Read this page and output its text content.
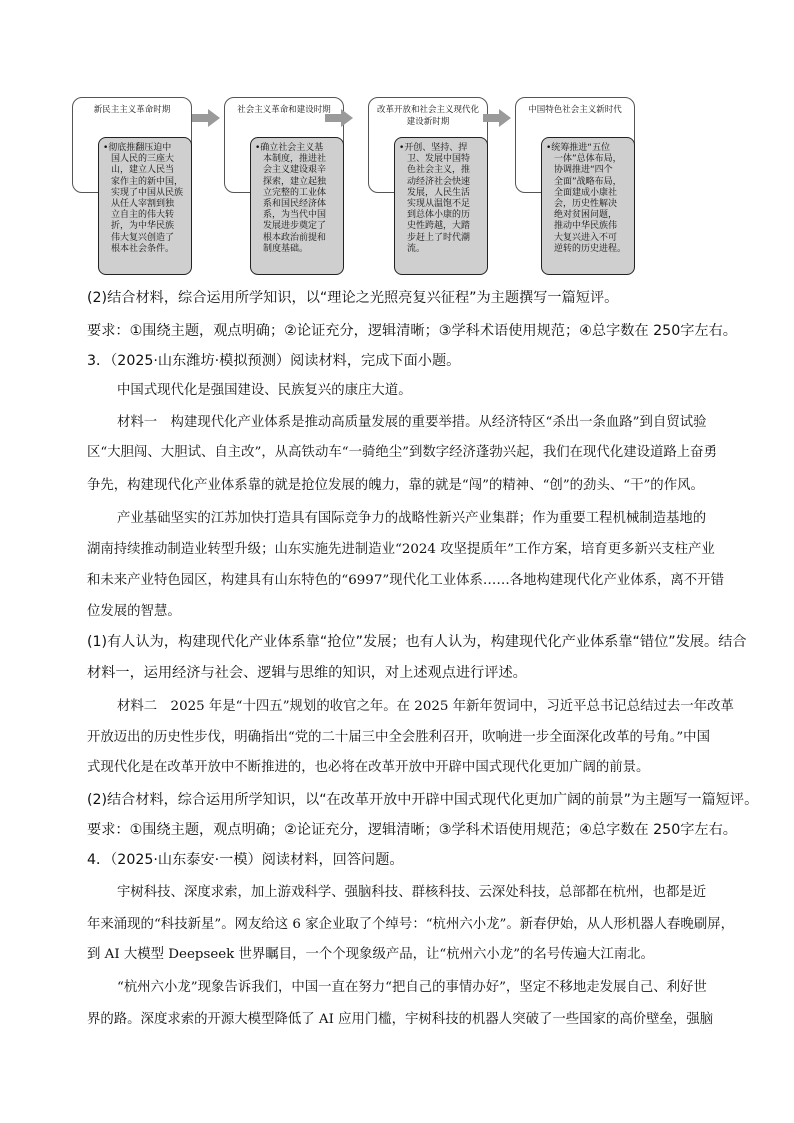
新民主主义革命时期

•彻底推翻压迫中
国人民的三座大
山，建立人民当
家作主的新中国，
实现了中国从民族
从任人宰割到独
立自主的伟大转
折，为中华民族
伟大复兴创造了
根本社会条件。

社会主义革命和建设时期

•确立社会主义基
本制度，推进社
会主义建设艰辛
探索，建立起独
立完整的工业体
系和国民经济体
系，为当代中国
发展进步奠定了
根本政治前提和
制度基础。

改革开放和社会主义现代化建设新时期

•开创、坚持、捍
卫、发展中国特
色社会主义，推
动经济社会快速
发展，人民生活
实现从温饱不足
到总体小康的历
史性跨越，大踏
步赶上了时代潮
流。

中国特色社会主义新时代

•统筹推进“五位
一体”总体布局，
协调推进“四个
全面”战略布局，
全面建成小康社
会，历史性解决
绝对贫困问题，
推动中华民族伟
大复兴进入不可
逆转的历史进程。

(2)结合材料，综合运用所学知识，以“理论之光照亮复兴征程”为主题撰写一篇短评。
要求：①围绕主题，观点明确；②论证充分，逻辑清晰；③学科术语使用规范；④总字数在 250字左右。
3．（2025·山东潍坊·模拟预测）阅读材料，完成下面小题。
中国式现代化是强国建设、民族复兴的康庄大道。
材料一　构建现代化产业体系是推动高质量发展的重要举措。从经济特区“杀出一条血路”到自贸试验
区“大胆闯、大胆试、自主改”，从高铁动车“一骑绝尘”到数字经济蓬勃兴起，我们在现代化建设道路上奋勇
争先，构建现代化产业体系靠的就是抢位发展的魄力，靠的就是“闯”的精神、“创”的劲头、“干”的作风。
产业基础坚实的江苏加快打造具有国际竞争力的战略性新兴产业集群；作为重要工程机械制造基地的
湖南持续推动制造业转型升级；山东实施先进制造业“2024 攻坚提质年”工作方案，培育更多新兴支柱产业
和未来产业特色园区，构建具有山东特色的“6997”现代化工业体系……各地构建现代化产业体系，离不开错
位发展的智慧。
(1)有人认为，构建现代化产业体系靠“抢位”发展；也有人认为，构建现代化产业体系靠“错位”发展。结合
材料一，运用经济与社会、逻辑与思维的知识，对上述观点进行评述。
材料二　2025 年是“十四五”规划的收官之年。在 2025 年新年贺词中，习近平总书记总结过去一年改革
开放迈出的历史性步伐，明确指出“党的二十届三中全会胜利召开，吹响进一步全面深化改革的号角。”中国
式现代化是在改革开放中不断推进的，也必将在改革开放中开辟中国式现代化更加广阔的前景。
(2)结合材料，综合运用所学知识，以“在改革开放中开辟中国式现代化更加广阔的前景”为主题写一篇短评。
要求：①围绕主题，观点明确；②论证充分，逻辑清晰；③学科术语使用规范；④总字数在 250字左右。
4．（2025·山东泰安·一模）阅读材料，回答问题。
宇树科技、深度求索，加上游戏科学、强脑科技、群核科技、云深处科技，总部都在杭州，也都是近
年来涌现的“科技新星”。网友给这 6 家企业取了个绰号：“杭州六小龙”。新春伊始，从人形机器人春晚刷屏，
到 AI 大模型 Deepseek 世界瞩目，一个个现象级产品，让“杭州六小龙”的名号传遍大江南北。
“杭州六小龙”现象告诉我们，中国一直在努力“把自己的事情办好”，坚定不移地走发展自己、利好世
界的路。深度求索的开源大模型降低了 AI 应用门槛，宇树科技的机器人突破了一些国家的高价壁垒，强脑
